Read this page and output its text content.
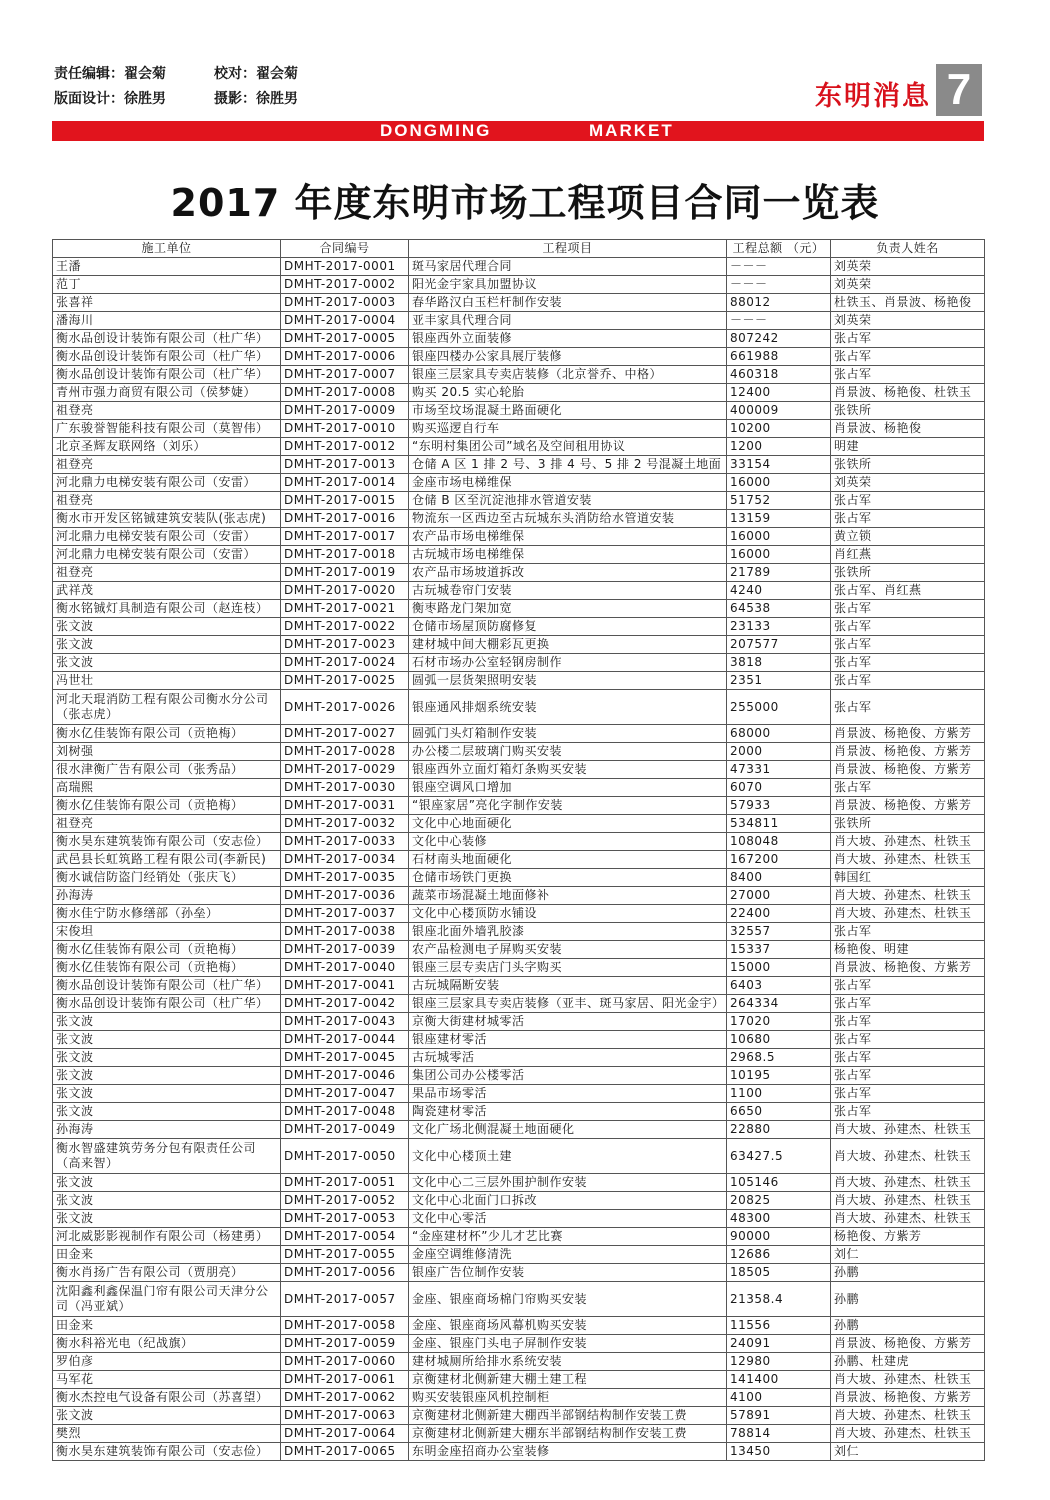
责任编辑：翟会菊	校对：翟会菊
版面设计：徐胜男	摄影：徐胜男	东明消息 7
DONGMING	MARKET
2017 年度东明市场工程项目合同一览表
施工单位	合同编号	工程项目	工程总额 （元）	负责人姓名
王潘	DMHT-2017-0001	斑马家居代理合同	－－－	刘英荣
范丁	DMHT-2017-0002	阳光金宇家具加盟协议	－－－	刘英荣
张喜祥	DMHT-2017-0003	春华路汉白玉栏杆制作安装	88012	杜铁玉、肖景波、杨艳俊
潘海川	DMHT-2017-0004	亚丰家具代理合同	－－－	刘英荣
衡水品创设计装饰有限公司（杜广华）	DMHT-2017-0005	银座西外立面装修	807242	张占军
衡水品创设计装饰有限公司（杜广华）	DMHT-2017-0006	银座四楼办公家具展厅装修	661988	张占军
衡水品创设计装饰有限公司（杜广华）	DMHT-2017-0007	银座三层家具专卖店装修（北京誉乔、中格）	460318	张占军
青州市强力商贸有限公司（侯梦婕）	DMHT-2017-0008	购买 20.5 实心轮胎	12400	肖景波、杨艳俊、杜铁玉
祖登亮	DMHT-2017-0009	市场至坟场混凝土路面硬化	400009	张铁所
广东骏誉智能科技有限公司（莫智伟）	DMHT-2017-0010	购买巡逻自行车	10200	肖景波、杨艳俊
北京圣辉友联网络（刘乐）	DMHT-2017-0012	“东明村集团公司”域名及空间租用协议	1200	明建
祖登亮	DMHT-2017-0013	仓储 A 区 1 排 2 号、3 排 4 号、5 排 2 号混凝土地面	33154	张铁所
河北鼎力电梯安装有限公司（安雷）	DMHT-2017-0014	金座市场电梯维保	16000	刘英荣
祖登亮	DMHT-2017-0015	仓储 B 区至沉淀池排水管道安装	51752	张占军
衡水市开发区铭铖建筑安装队(张志虎)	DMHT-2017-0016	物流东一区西边至古玩城东头消防给水管道安装	13159	张占军
河北鼎力电梯安装有限公司（安雷）	DMHT-2017-0017	农产品市场电梯维保	16000	黄立锁
河北鼎力电梯安装有限公司（安雷）	DMHT-2017-0018	古玩城市场电梯维保	16000	肖红燕
祖登亮	DMHT-2017-0019	农产品市场坡道拆改	21789	张铁所
武祥茂	DMHT-2017-0020	古玩城卷帘门安装	4240	张占军、肖红燕
衡水铭铖灯具制造有限公司（赵连枝）	DMHT-2017-0021	衡枣路龙门架加宽	64538	张占军
张文波	DMHT-2017-0022	仓储市场屋顶防腐修复	23133	张占军
张文波	DMHT-2017-0023	建材城中间大棚彩瓦更换	207577	张占军
张文波	DMHT-2017-0024	石材市场办公室轻钢房制作	3818	张占军
冯世壮	DMHT-2017-0025	圆弧一层货架照明安装	2351	张占军
河北天琨消防工程有限公司衡水分公司（张志虎）	DMHT-2017-0026	银座通风排烟系统安装	255000	张占军
衡水亿佳装饰有限公司（贡艳梅）	DMHT-2017-0027	圆弧门头灯箱制作安装	68000	肖景波、杨艳俊、方紫芳
刘树强	DMHT-2017-0028	办公楼二层玻璃门购买安装	2000	肖景波、杨艳俊、方紫芳
很水津衡广告有限公司（张秀品）	DMHT-2017-0029	银座西外立面灯箱灯条购买安装	47331	肖景波、杨艳俊、方紫芳
高瑞熙	DMHT-2017-0030	银座空调风口增加	6070	张占军
衡水亿佳装饰有限公司（贡艳梅）	DMHT-2017-0031	“银座家居”亮化字制作安装	57933	肖景波、杨艳俊、方紫芳
祖登亮	DMHT-2017-0032	文化中心地面硬化	534811	张铁所
衡水昊东建筑装饰有限公司（安志俭）	DMHT-2017-0033	文化中心装修	108048	肖大坡、孙建杰、杜铁玉
武邑县长虹筑路工程有限公司(李新民)	DMHT-2017-0034	石材南头地面硬化	167200	肖大坡、孙建杰、杜铁玉
衡水诚信防盗门经销处（张庆飞）	DMHT-2017-0035	仓储市场铁门更换	8400	韩国红
孙海涛	DMHT-2017-0036	蔬菜市场混凝土地面修补	27000	肖大坡、孙建杰、杜铁玉
衡水佳宁防水修缮部（孙垒）	DMHT-2017-0037	文化中心楼顶防水铺设	22400	肖大坡、孙建杰、杜铁玉
宋俊坦	DMHT-2017-0038	银座北面外墙乳胶漆	32557	张占军
衡水亿佳装饰有限公司（贡艳梅）	DMHT-2017-0039	农产品检测电子屏购买安装	15337	杨艳俊、明建
衡水亿佳装饰有限公司（贡艳梅）	DMHT-2017-0040	银座三层专卖店门头字购买	15000	肖景波、杨艳俊、方紫芳
衡水品创设计装饰有限公司（杜广华）	DMHT-2017-0041	古玩城隔断安装	6403	张占军
衡水品创设计装饰有限公司（杜广华）	DMHT-2017-0042	银座三层家具专卖店装修（亚丰、斑马家居、阳光金宇）	264334	张占军
张文波	DMHT-2017-0043	京衡大街建材城零活	17020	张占军
张文波	DMHT-2017-0044	银座建材零活	10680	张占军
张文波	DMHT-2017-0045	古玩城零活	2968.5	张占军
张文波	DMHT-2017-0046	集团公司办公楼零活	10195	张占军
张文波	DMHT-2017-0047	果品市场零活	1100	张占军
张文波	DMHT-2017-0048	陶瓷建材零活	6650	张占军
孙海涛	DMHT-2017-0049	文化广场北侧混凝土地面硬化	22880	肖大坡、孙建杰、杜铁玉
衡水智盛建筑劳务分包有限责任公司（高来智）	DMHT-2017-0050	文化中心楼顶土建	63427.5	肖大坡、孙建杰、杜铁玉
张文波	DMHT-2017-0051	文化中心二三层外围护制作安装	105146	肖大坡、孙建杰、杜铁玉
张文波	DMHT-2017-0052	文化中心北面门口拆改	20825	肖大坡、孙建杰、杜铁玉
张文波	DMHT-2017-0053	文化中心零活	48300	肖大坡、孙建杰、杜铁玉
河北威影影视制作有限公司（杨建勇）	DMHT-2017-0054	“金座建材杯”少儿才艺比赛	90000	杨艳俊、方紫芳
田金来	DMHT-2017-0055	金座空调维修清洗	12686	刘仁
衡水肖扬广告有限公司（贾朋亮）	DMHT-2017-0056	银座广告位制作安装	18505	孙鹏
沈阳鑫利鑫保温门帘有限公司天津分公司（冯亚斌）	DMHT-2017-0057	金座、银座商场棉门帘购买安装	21358.4	孙鹏
田金来	DMHT-2017-0058	金座、银座商场风幕机购买安装	11556	孙鹏
衡水科裕光电（纪战旗）	DMHT-2017-0059	金座、银座门头电子屏制作安装	24091	肖景波、杨艳俊、方紫芳
罗伯彦	DMHT-2017-0060	建材城厕所给排水系统安装	12980	孙鹏、杜建虎
马军花	DMHT-2017-0061	京衡建材北侧新建大棚土建工程	141400	肖大坡、孙建杰、杜铁玉
衡水杰控电气设备有限公司（苏喜望）	DMHT-2017-0062	购买安装银座风机控制柜	4100	肖景波、杨艳俊、方紫芳
张文波	DMHT-2017-0063	京衡建材北侧新建大棚西半部钢结构制作安装工费	57891	肖大坡、孙建杰、杜铁玉
樊烈	DMHT-2017-0064	京衡建材北侧新建大棚东半部钢结构制作安装工费	78814	肖大坡、孙建杰、杜铁玉
衡水昊东建筑装饰有限公司（安志俭）	DMHT-2017-0065	东明金座招商办公室装修	13450	刘仁
